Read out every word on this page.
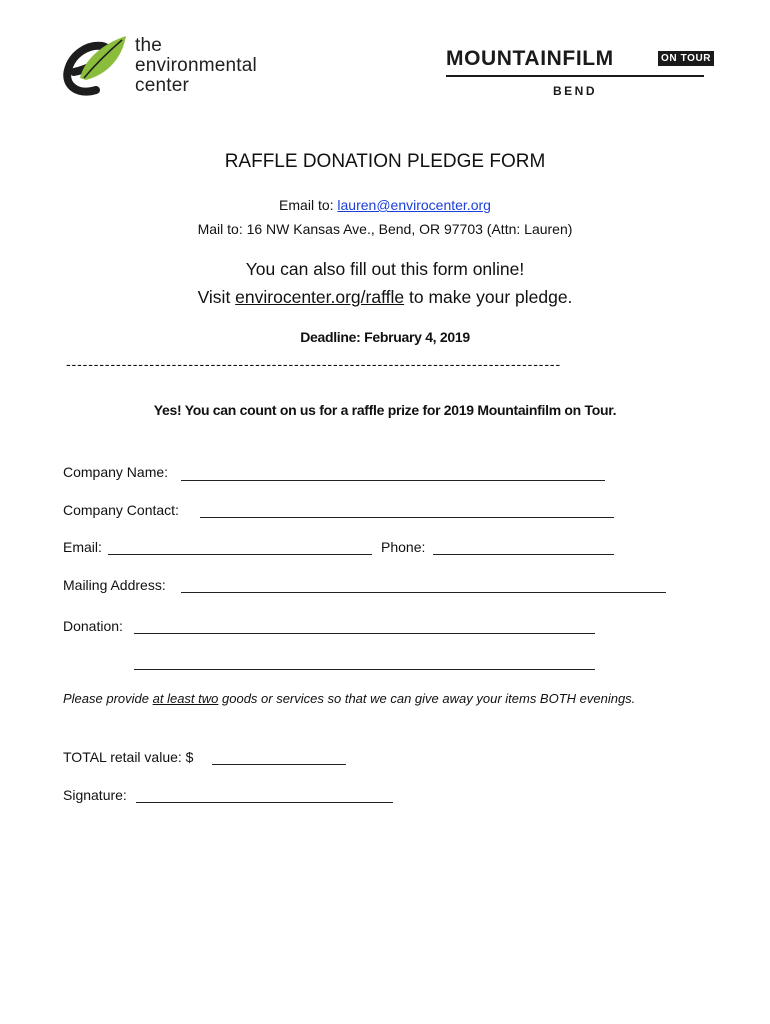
the
environmental
center
MOUNTAINFILM	ON TOUR
BEND
RAFFLE DONATION PLEDGE FORM
Email to: lauren@envirocenter.org
Mail to: 16 NW Kansas Ave., Bend, OR 97703 (Attn: Lauren)
You can also fill out this form online!
Visit envirocenter.org/raffle to make your pledge.
Deadline: February 4, 2019
-----------------------------------------------------------------------------------------
Yes! You can count on us for a raffle prize for 2019 Mountainfilm on Tour.
Company Name:
Company Contact:
Email:	Phone:
Mailing Address:
Donation:
Please provide at least two goods or services so that we can give away your items BOTH evenings.
TOTAL retail value: $
Signature:
